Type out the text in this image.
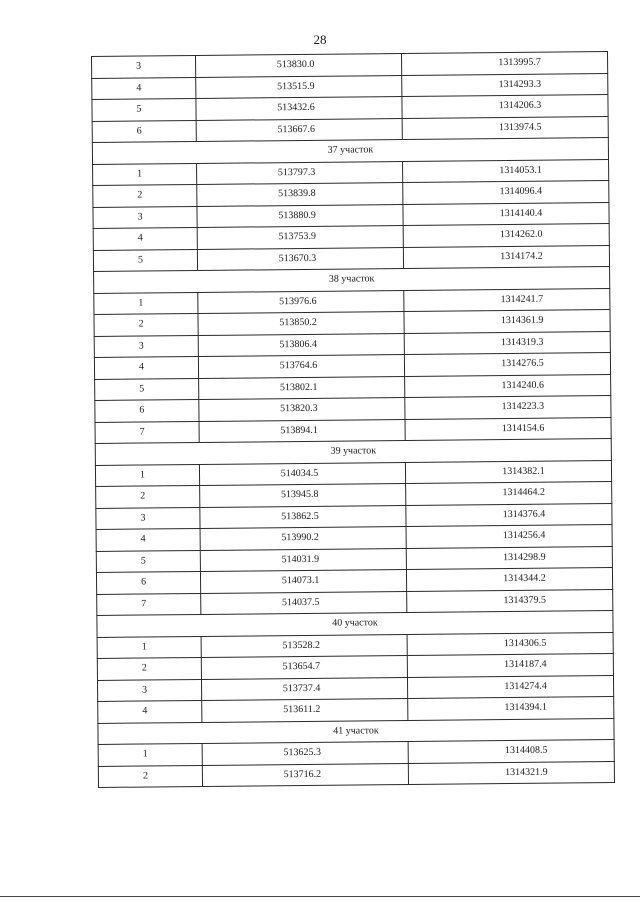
28
3	513830.0	1313995.7
4	513515.9	1314293.3
5	513432.6	1314206.3
6	513667.6	1313974.5
37 участок		
1	513797.3	1314053.1
2	513839.8	1314096.4
3	513880.9	1314140.4
4	513753.9	1314262.0
5	513670.3	1314174.2
38 участок		
1	513976.6	1314241.7
2	513850.2	1314361.9
3	513806.4	1314319.3
4	513764.6	1314276.5
5	513802.1	1314240.6
6	513820.3	1314223.3
7	513894.1	1314154.6
39 участок		
1	514034.5	1314382.1
2	513945.8	1314464.2
3	513862.5	1314376.4
4	513990.2	1314256.4
5	514031.9	1314298.9
6	514073.1	1314344.2
7	514037.5	1314379.5
40 участок		
1	513528.2	1314306.5
2	513654.7	1314187.4
3	513737.4	1314274.4
4	513611.2	1314394.1
41 участок		
1	513625.3	1314408.5
2	513716.2	1314321.9
